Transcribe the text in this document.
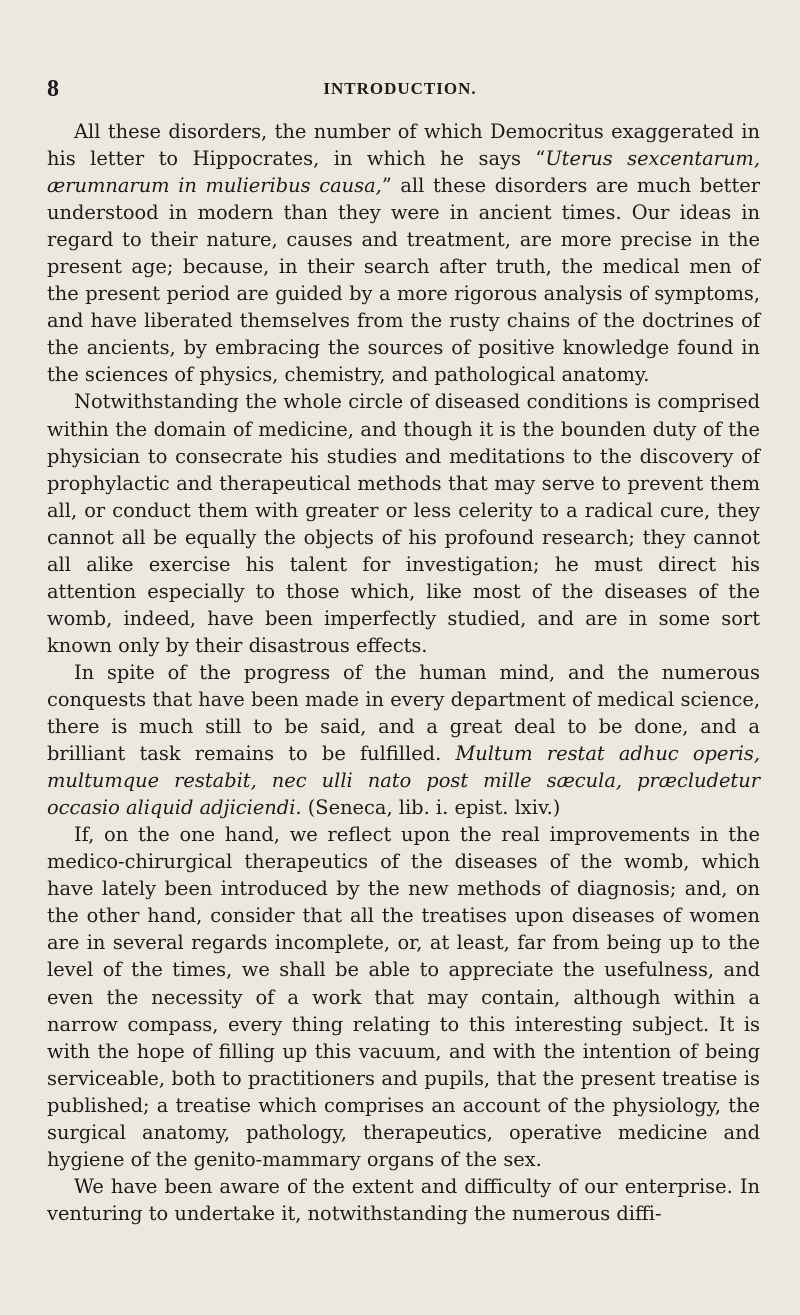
8	INTRODUCTION.

All these disorders, the number of which Democritus exaggerated in his letter to Hippocrates, in which he says “Uterus sexcentarum, ærumnarum in mulieribus causa,” all these disorders are much better understood in modern than they were in ancient times. Our ideas in regard to their nature, causes and treatment, are more precise in the present age; because, in their search after truth, the medical men of the present period are guided by a more rigorous analysis of symptoms, and have liberated themselves from the rusty chains of the doctrines of the ancients, by embracing the sources of positive knowledge found in the sciences of physics, chemistry, and pathological anatomy.

Notwithstanding the whole circle of diseased conditions is comprised within the domain of medicine, and though it is the bounden duty of the physician to consecrate his studies and meditations to the discovery of prophylactic and therapeutical methods that may serve to prevent them all, or conduct them with greater or less celerity to a radical cure, they cannot all be equally the objects of his profound research; they cannot all alike exercise his talent for investigation; he must direct his attention especially to those which, like most of the diseases of the womb, indeed, have been imperfectly studied, and are in some sort known only by their disastrous effects.

In spite of the progress of the human mind, and the numerous conquests that have been made in every department of medical science, there is much still to be said, and a great deal to be done, and a brilliant task remains to be fulfilled. Multum restat adhuc operis, multumque restabit, nec ulli nato post mille sæcula, præcludetur occasio aliquid adjiciendi. (Seneca, lib. i. epist. lxiv.)

If, on the one hand, we reflect upon the real improvements in the medico-chirurgical therapeutics of the diseases of the womb, which have lately been introduced by the new methods of diagnosis; and, on the other hand, consider that all the treatises upon diseases of women are in several regards incomplete, or, at least, far from being up to the level of the times, we shall be able to appreciate the usefulness, and even the necessity of a work that may contain, although within a narrow compass, every thing relating to this interesting subject. It is with the hope of filling up this vacuum, and with the intention of being serviceable, both to practitioners and pupils, that the present treatise is published; a treatise which comprises an account of the physiology, the surgical anatomy, pathology, therapeutics, operative medicine and hygiene of the genito-mammary organs of the sex.

We have been aware of the extent and difficulty of our enterprise. In venturing to undertake it, notwithstanding the numerous diffi-
